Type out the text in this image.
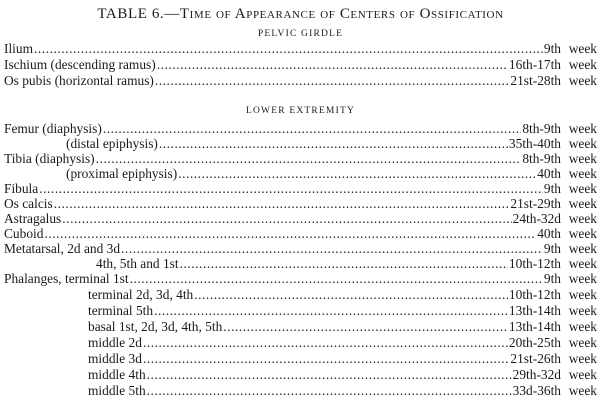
TABLE 6.—TIME OF APPEARANCE OF CENTERS OF OSSIFICATION
PELVIC GIRDLE
Ilium . . .	9th week
Ischium (descending ramus) . . .	16th-17th week
Os pubis (horizontal ramus) . . .	21st-28th week
LOWER EXTREMITY
Femur (diaphysis) . . .	8th-9th week
(distal epiphysis) . . .	35th-40th week
Tibia (diaphysis) . . .	8th-9th week
(proximal epiphysis) . . .	40th week
Fibula . . .	9th week
Os calcis . . .	21st-29th week
Astragalus . . .	24th-32d week
Cuboid . . .	40th week
Metatarsal, 2d and 3d . . .	9th week
4th, 5th and 1st . . .	10th-12th week
Phalanges, terminal 1st . . .	9th week
terminal 2d, 3d, 4th . . .	10th-12th week
terminal 5th . . .	13th-14th week
basal 1st, 2d, 3d, 4th, 5th . . .	13th-14th week
middle 2d . . .	20th-25th week
middle 3d . . .	21st-26th week
middle 4th . . .	29th-32d week
middle 5th . . .	33d-36th week
